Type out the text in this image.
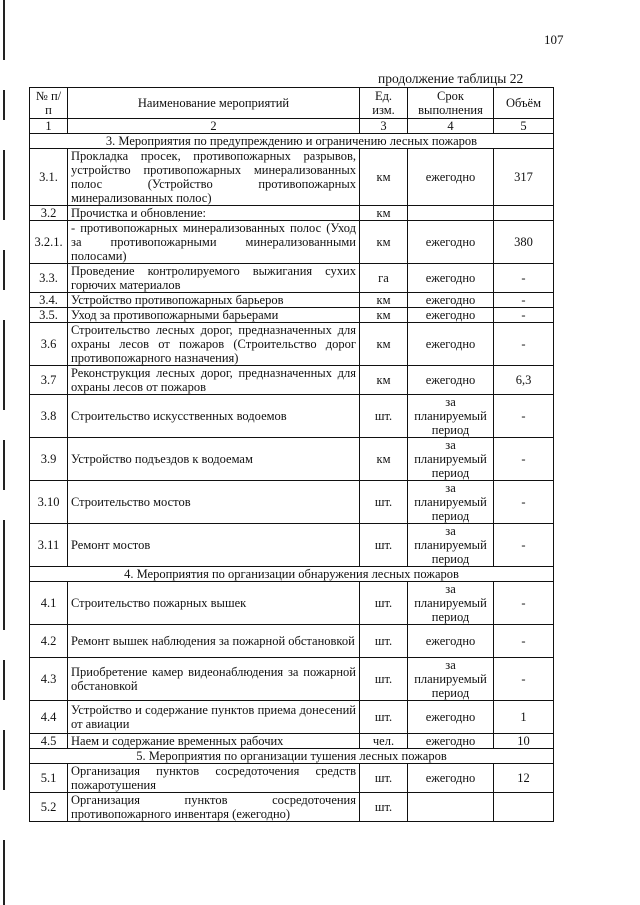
107
продолжение таблицы 22
№ п/п	Наименование мероприятий	Ед. изм.	Срок выполнения	Объём
1	2	3	4	5
3. Мероприятия по предупреждению и ограничению лесных пожаров				
3.1.	Прокладка просек, противопожарных разрывов, устройство противопожарных минерализованных полос (Устройство противопожарных минерализованных полос)	км	ежегодно	317
3.2	Прочистка и обновление:	км		
3.2.1.	- противопожарных минерализованных полос (Уход за противопожарными минерализованными полосами)	км	ежегодно	380
3.3.	Проведение контролируемого выжигания сухих горючих материалов	га	ежегодно	-
3.4.	Устройство противопожарных барьеров	км	ежегодно	-
3.5.	Уход за противопожарными барьерами	км	ежегодно	-
3.6	Строительство лесных дорог, предназначенных для охраны лесов от пожаров (Строительство дорог противопожарного назначения)	км	ежегодно	-
3.7	Реконструкция лесных дорог, предназначенных для охраны лесов от пожаров	км	ежегодно	6,3
3.8	Строительство искусственных водоемов	шт.	за планируемый период	-
3.9	Устройство подъездов к водоемам	км	за планируемый период	-
3.10	Строительство мостов	шт.	за планируемый период	-
3.11	Ремонт мостов	шт.	за планируемый период	-
4. Мероприятия по организации обнаружения лесных пожаров				
4.1	Строительство пожарных вышек	шт.	за планируемый период	-
4.2	Ремонт вышек наблюдения за пожарной обстановкой	шт.	ежегодно	-
4.3	Приобретение камер видеонаблюдения за пожарной обстановкой	шт.	за планируемый период	-
4.4	Устройство и содержание пунктов приема донесений от авиации	шт.	ежегодно	1
4.5	Наем и содержание временных рабочих	чел.	ежегодно	10
5. Мероприятия по организации тушения лесных пожаров				
5.1	Организация пунктов сосредоточения средств пожаротушения	шт.	ежегодно	12
5.2	Организация пунктов сосредоточения противопожарного инвентаря (ежегодно)	шт.		
